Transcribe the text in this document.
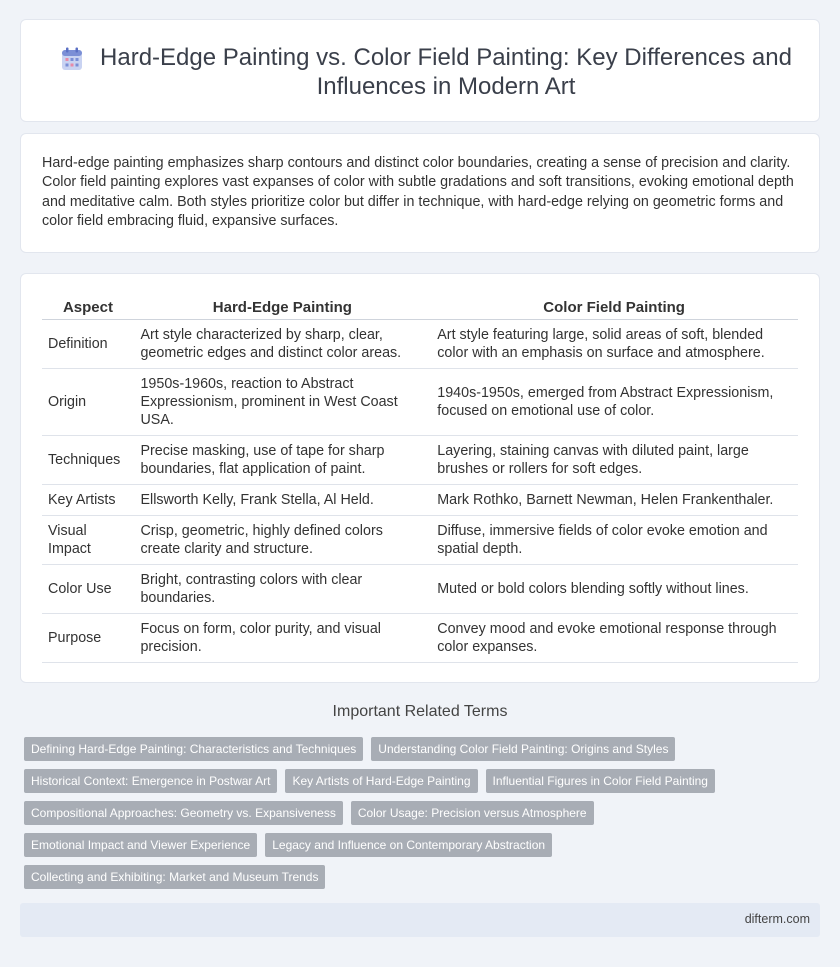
Hard-Edge Painting vs. Color Field Painting: Key Differences and Influences in Modern Art

Hard-edge painting emphasizes sharp contours and distinct color boundaries, creating a sense of precision and clarity. Color field painting explores vast expanses of color with subtle gradations and soft transitions, evoking emotional depth and meditative calm. Both styles prioritize color but differ in technique, with hard-edge relying on geometric forms and color field embracing fluid, expansive surfaces.

Aspect	Hard-Edge Painting	Color Field Painting
Definition	Art style characterized by sharp, clear, geometric edges and distinct color areas.	Art style featuring large, solid areas of soft, blended color with an emphasis on surface and atmosphere.
Origin	1950s-1960s, reaction to Abstract Expressionism, prominent in West Coast USA.	1940s-1950s, emerged from Abstract Expressionism, focused on emotional use of color.
Techniques	Precise masking, use of tape for sharp boundaries, flat application of paint.	Layering, staining canvas with diluted paint, large brushes or rollers for soft edges.
Key Artists	Ellsworth Kelly, Frank Stella, Al Held.	Mark Rothko, Barnett Newman, Helen Frankenthaler.
Visual Impact	Crisp, geometric, highly defined colors create clarity and structure.	Diffuse, immersive fields of color evoke emotion and spatial depth.
Color Use	Bright, contrasting colors with clear boundaries.	Muted or bold colors blending softly without lines.
Purpose	Focus on form, color purity, and visual precision.	Convey mood and evoke emotional response through color expanses.
Important Related Terms
Defining Hard-Edge Painting: Characteristics and Techniques	Understanding Color Field Painting: Origins and Styles
Historical Context: Emergence in Postwar Art	Key Artists of Hard-Edge Painting	Influential Figures in Color Field Painting
Compositional Approaches: Geometry vs. Expansiveness	Color Usage: Precision versus Atmosphere
Emotional Impact and Viewer Experience	Legacy and Influence on Contemporary Abstraction
Collecting and Exhibiting: Market and Museum Trends
difterm.com
